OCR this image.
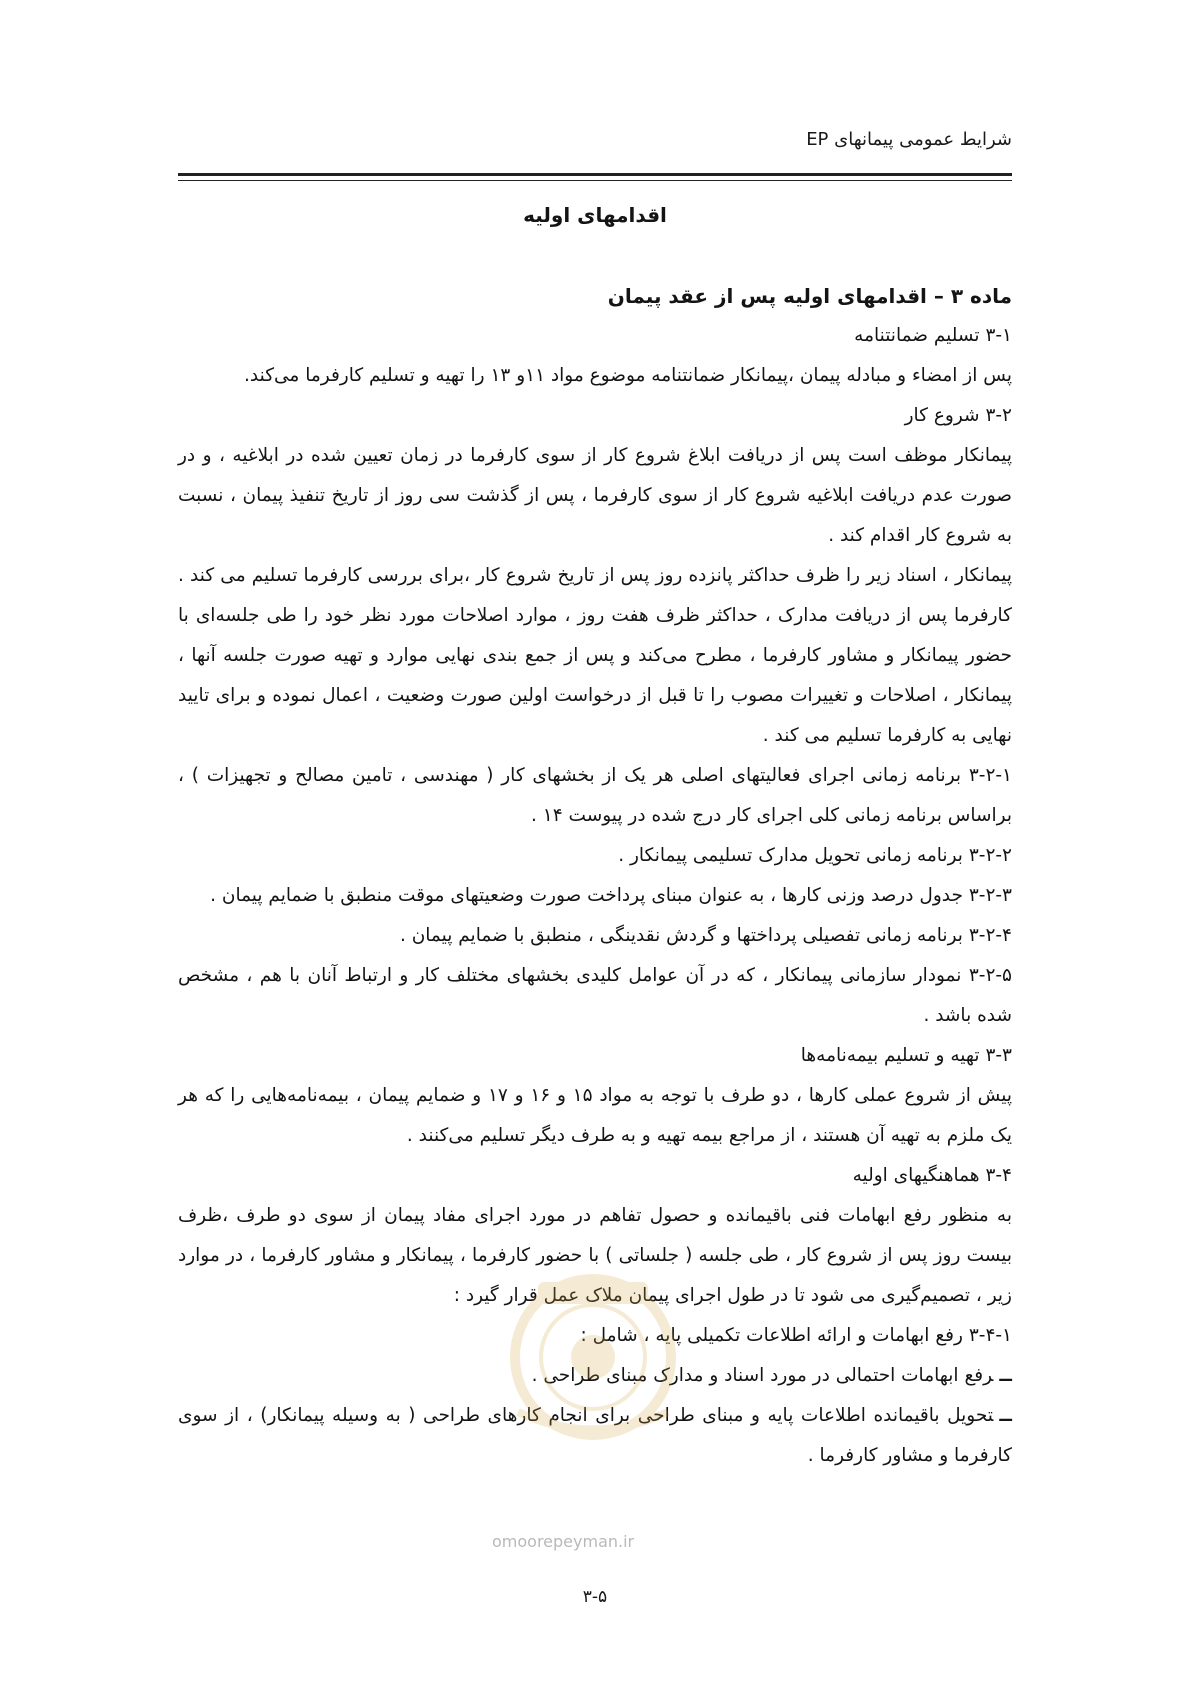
شرایط عمومی پیمانهای EP
اقدامهای اولیه

ماده ۳ – اقدامهای اولیه پس از عقد پیمان

۳-۱ تسلیم ضمانتنامه

پس از امضاء و مبادله پیمان ،پیمانکار ضمانتنامه موضوع مواد ۱۱و ۱۳ را تهیه و تسلیم کارفرما می‌کند.

۳-۲ شروع کار

پیمانکار موظف است پس از دریافت ابلاغ شروع کار از سوی کارفرما در زمان تعیین شده در ابلاغیه ، و در صورت عدم دریافت ابلاغیه شروع کار از سوی کارفرما ، پس از گذشت سی روز از تاریخ تنفیذ پیمان ، نسبت به شروع کار اقدام کند .

پیمانکار ، اسناد زیر را ظرف حداکثر پانزده روز پس از تاریخ شروع کار ،برای بررسی کارفرما تسلیم می کند . کارفرما پس از دریافت مدارک ، حداکثر ظرف هفت روز ، موارد اصلاحات مورد نظر خود را طی جلسه‌ای با حضور پیمانکار و مشاور کارفرما ، مطرح می‌کند و پس از جمع بندی نهایی موارد و تهیه صورت جلسه آنها ، پیمانکار ، اصلاحات و تغییرات مصوب را تا قبل از درخواست اولین صورت وضعیت ، اعمال نموده و برای تایید نهایی به کارفرما تسلیم می کند .

۳-۲-۱ برنامه زمانی اجرای فعالیتهای اصلی هر یک از بخشهای کار ( مهندسی ، تامین مصالح و تجهیزات ) ، براساس برنامه زمانی کلی اجرای کار درج شده در پیوست ۱۴ .

۳-۲-۲ برنامه زمانی تحویل مدارک تسلیمی پیمانکار .

۳-۲-۳ جدول درصد وزنی کارها ، به عنوان مبنای پرداخت صورت وضعیتهای موقت منطبق با ضمایم پیمان .

۳-۲-۴ برنامه زمانی تفصیلی پرداختها و گردش نقدینگی ، منطبق با ضمایم پیمان .

۳-۲-۵ نمودار سازمانی پیمانکار ، که در آن عوامل کلیدی بخشهای مختلف کار و ارتباط آنان با هم ، مشخص شده باشد .

۳-۳ تهیه و تسلیم بیمه‌نامه‌ها

پیش از شروع عملی کارها ، دو طرف با توجه به مواد ۱۵ و ۱۶ و ۱۷ و ضمایم پیمان ، بیمه‌نامه‌هایی را که هر یک ملزم به تهیه آن هستند ، از مراجع بیمه تهیه و به طرف دیگر تسلیم می‌کنند .

۳-۴ هماهنگیهای اولیه

به منظور رفع ابهامات فنی باقیمانده و حصول تفاهم در مورد اجرای مفاد پیمان از سوی دو طرف ،ظرف بیست روز پس از شروع کار ، طی جلسه ( جلساتی ) با حضور کارفرما ، پیمانکار و مشاور کارفرما ، در موارد زیر ، تصمیم‌گیری می شود تا در طول اجرای پیمان ملاک عمل قرار گیرد :

۳-۴-۱ رفع ابهامات و ارائه اطلاعات تکمیلی پایه ، شامل :

ــرفع ابهامات احتمالی در مورد اسناد و مدارک مبنای طراحی .

ــتحویل باقیمانده اطلاعات پایه و مبنای طراحی برای انجام کارهای طراحی ( به وسیله پیمانکار) ، از سوی کارفرما و مشاور کارفرما .

omoorepeyman.ir
۳-۵
